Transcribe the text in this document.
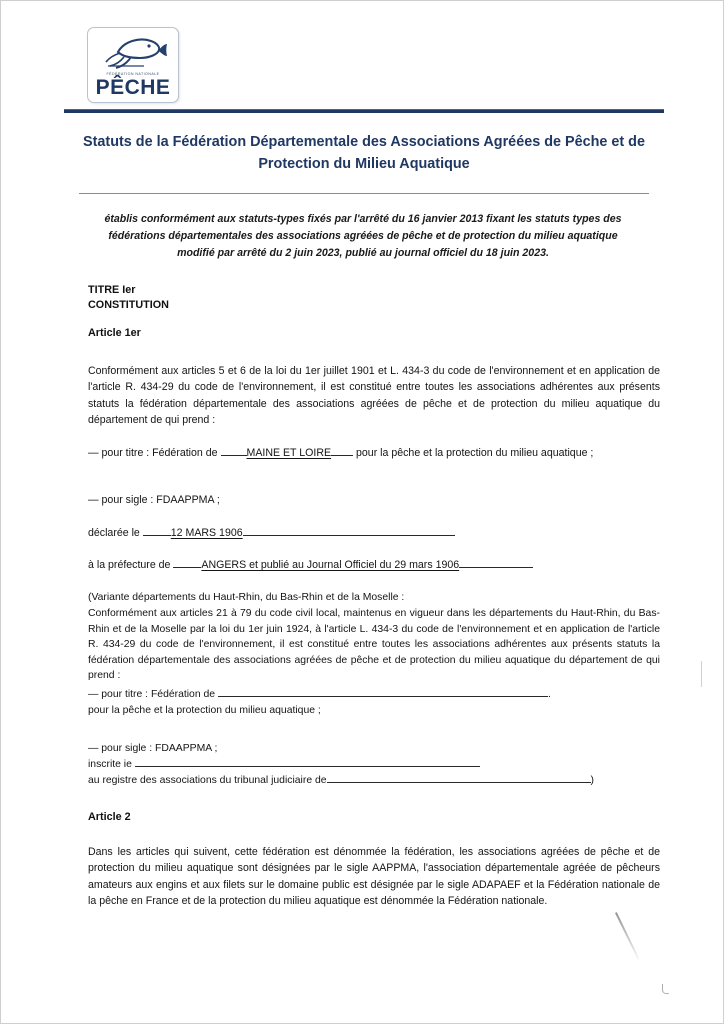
FÉDÉRATION NATIONALE
PÊCHE
Statuts de la Fédération Départementale des Associations Agréées de Pêche et de Protection du Milieu Aquatique
établis conformément aux statuts-types fixés par l'arrêté du 16 janvier 2013 fixant les statuts types des fédérations départementales des associations agréées de pêche et de protection du milieu aquatique modifié par arrêté du 2 juin 2023, publié au journal officiel du 18 juin 2023.
TITRE Ier
CONSTITUTION
Article 1er
Conformément aux articles 5 et 6 de la loi du 1er juillet 1901 et L. 434-3 du code de l'environnement et en application de l'article R. 434-29 du code de l'environnement, il est constitué entre toutes les associations adhérentes aux présents statuts la fédération départementale des associations agréées de pêche et de protection du milieu aquatique du département de qui prend :
— pour titre : Fédération de MAINE ET LOIRE pour la pêche et la protection du milieu aquatique ;
— pour sigle : FDAAPPMA ;
déclarée le	12 MARS 1906
à la préfecture de	ANGERS et publié au Journal Officiel du 29 mars 1906
(Variante départements du Haut-Rhin, du Bas-Rhin et de la Moselle :
Conformément aux articles 21 à 79 du code civil local, maintenus en vigueur dans les départements du Haut-Rhin, du Bas-Rhin et de la Moselle par la loi du 1er juin 1924, à l'article L. 434-3 du code de l'environnement et en application de l'article R. 434-29 du code de l'environnement, il est constitué entre toutes les associations adhérentes aux présents statuts la fédération départementale des associations agréées de pêche et de protection du milieu aquatique du département de qui prend :
— pour titre : Fédération de	.
pour la pêche et la protection du milieu aquatique ;
— pour sigle : FDAAPPMA ;
inscrite ie
au registre des associations du tribunal judiciaire de	)
Article 2
Dans les articles qui suivent, cette fédération est dénommée la fédération, les associations agréées de pêche et de protection du milieu aquatique sont désignées par le sigle AAPPMA, l'association départementale agréée de pêcheurs amateurs aux engins et aux filets sur le domaine public est désignée par le sigle ADAPAEF et la Fédération nationale de la pêche en France et de la protection du milieu aquatique est dénommée la Fédération nationale.
